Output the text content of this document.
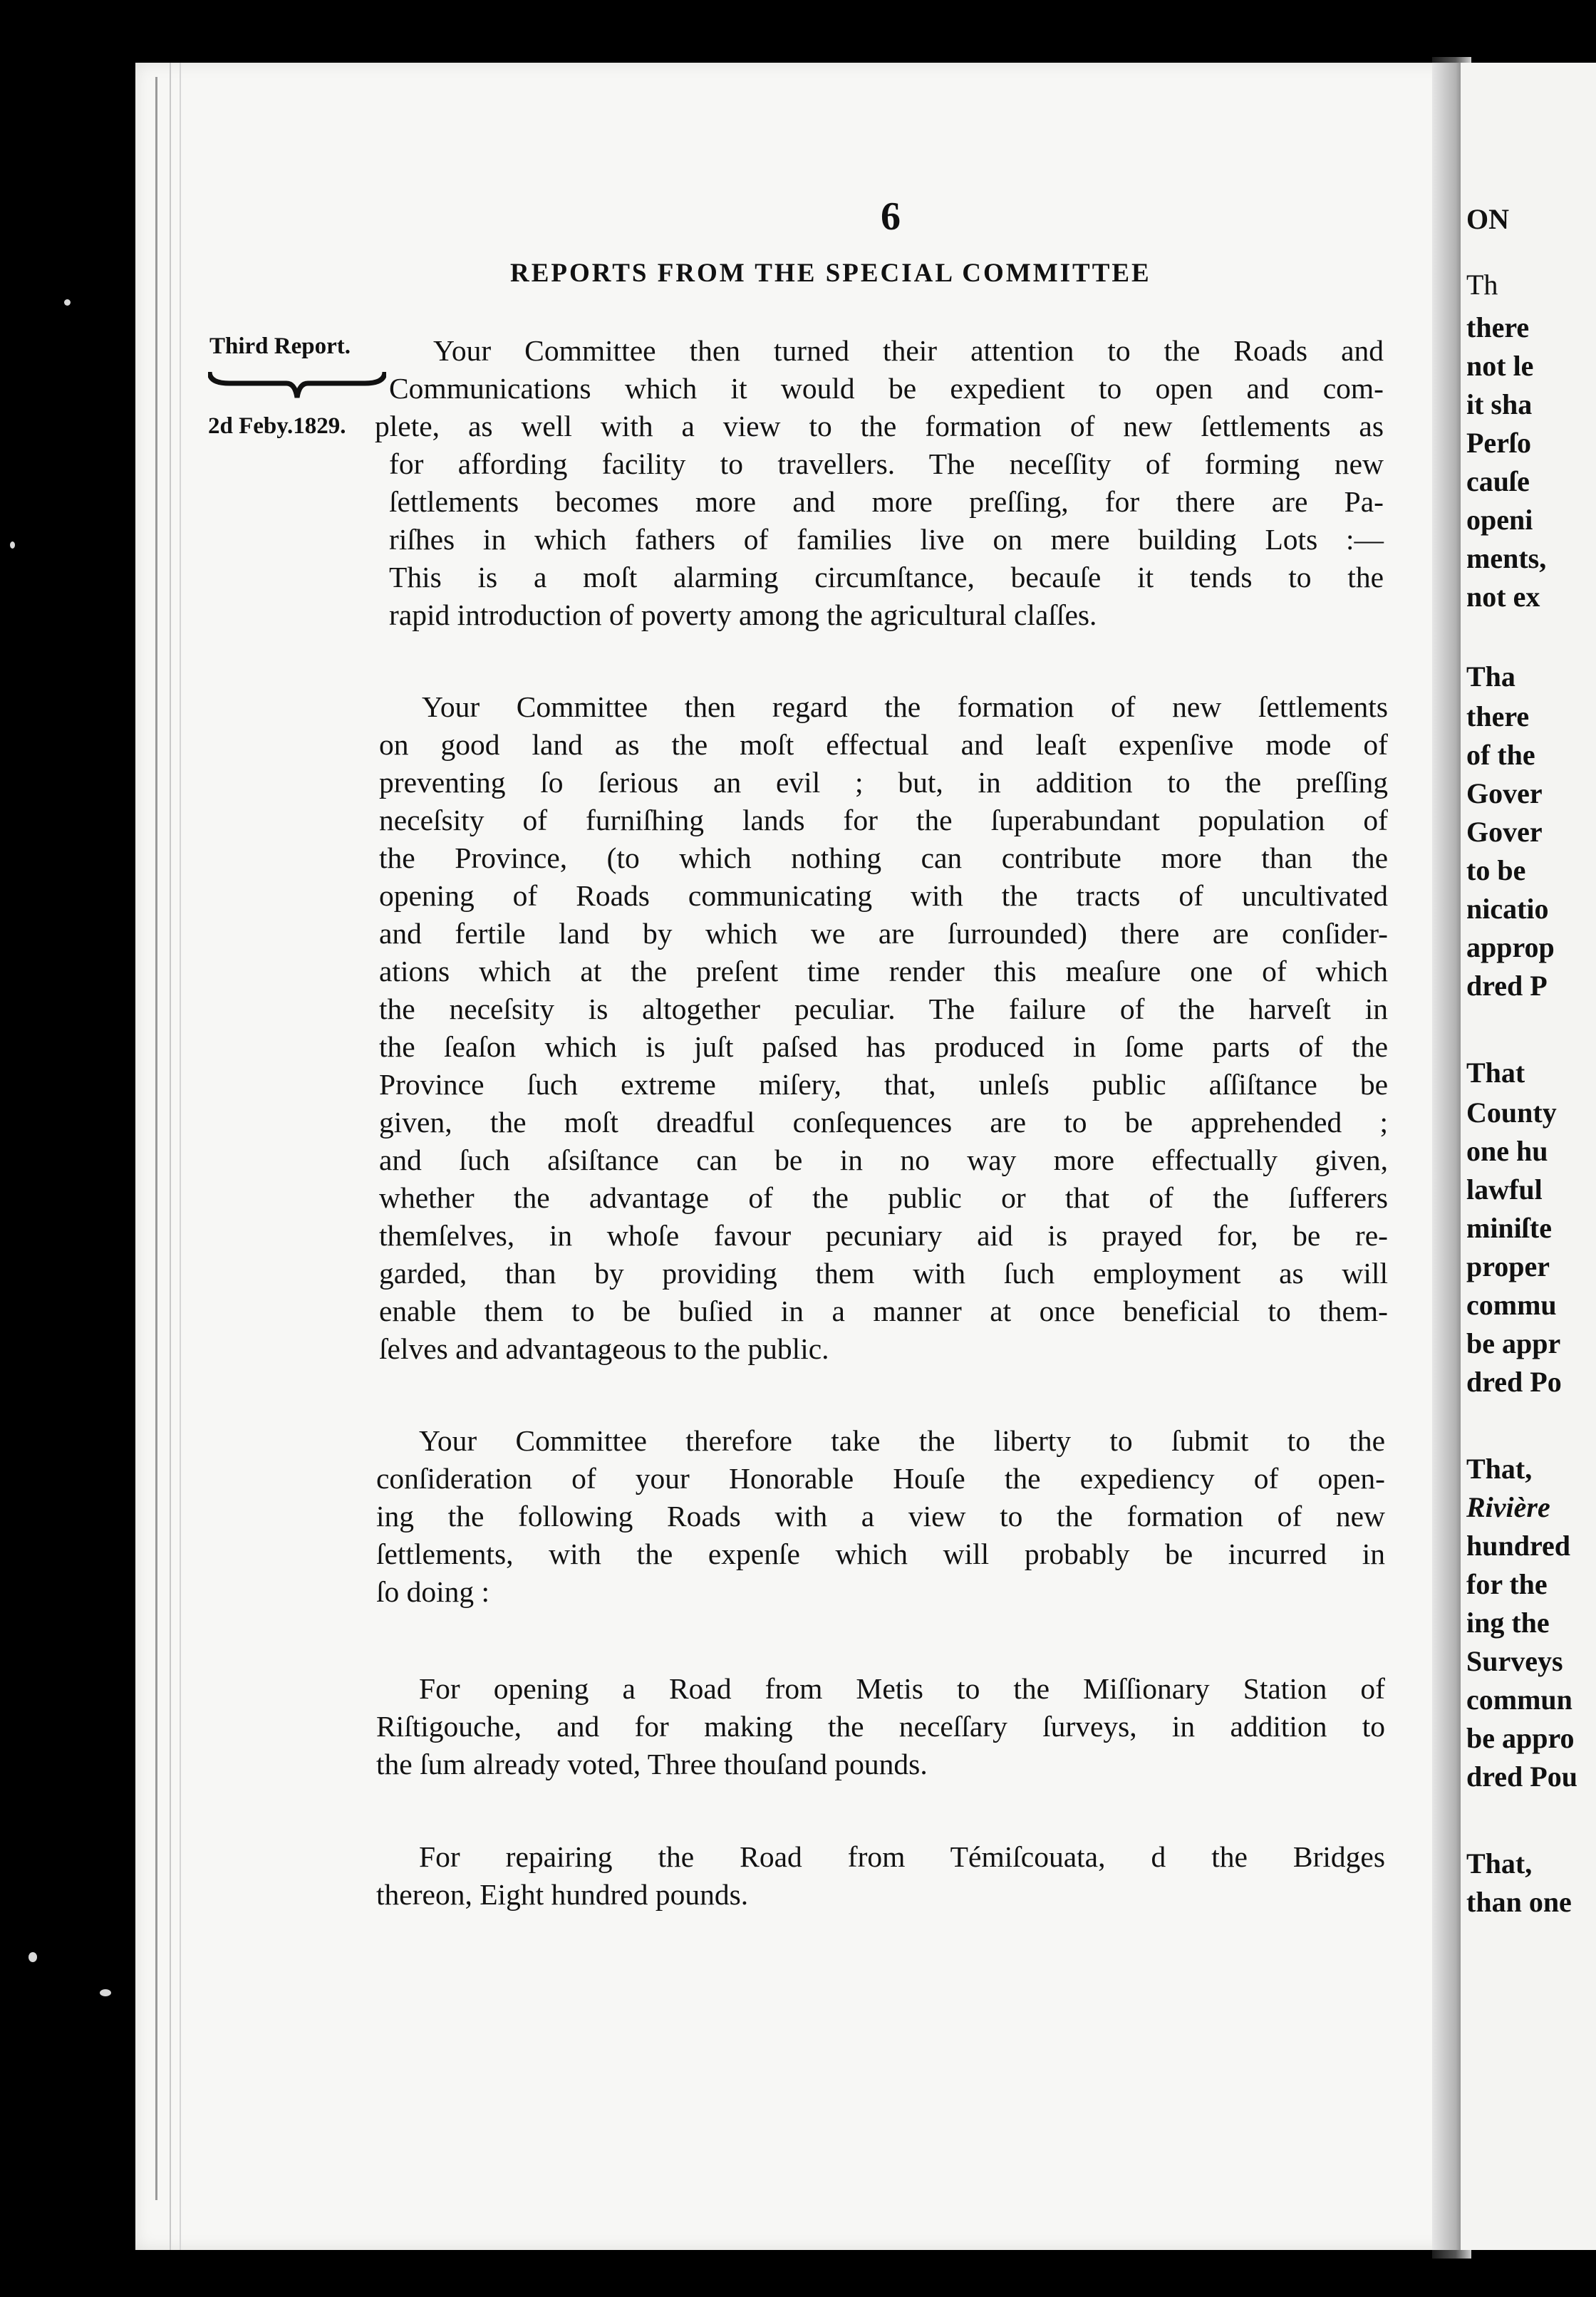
6
REPORTS FROM THE SPECIAL COMMITTEE
Third Report.
2d Feby.1829.
Your Committee then turned their attention to the Roads and
Communications which it would be expedient to open and com-
plete, as well with a view to the formation of new ſettlements as
for affording facility to travellers. The neceſſity of forming new
ſettlements becomes more and more preſſing, for there are Pa-
riſhes in which fathers of families live on mere building Lots :—
This is a moſt alarming circumſtance, becauſe it tends to the
rapid introduction of poverty among the agricultural claſſes.
Your Committee then regard the formation of new ſettlements
on good land as the moſt effectual and leaſt expenſive mode of
preventing ſo ſerious an evil ; but, in addition to the preſſing
neceſsity of furniſhing lands for the ſuperabundant population of
the Province, (to which nothing can contribute more than the
opening of Roads communicating with the tracts of uncultivated
and fertile land by which we are ſurrounded) there are conſider-
ations which at the preſent time render this meaſure one of which
the neceſsity is altogether peculiar. The failure of the harveſt in
the ſeaſon which is juſt paſsed has produced in ſome parts of the
Province ſuch extreme miſery, that, unleſs public aſſiſtance be
given, the moſt dreadful conſequences are to be apprehended ;
and ſuch aſsiſtance can be in no way more effectually given,
whether the advantage of the public or that of the ſufferers
themſelves, in whoſe favour pecuniary aid is prayed for, be re-
garded, than by providing them with ſuch employment as will
enable them to be buſied in a manner at once beneficial to them-
ſelves and advantageous to the public.
Your Committee therefore take the liberty to ſubmit to the
conſideration of your Honorable Houſe the expediency of open-
ing the following Roads with a view to the formation of new
ſettlements, with the expenſe which will probably be incurred in
ſo doing :
For opening a Road from Metis to the Miſſionary Station of
Riſtigouche, and for making the neceſſary ſurveys, in addition to
the ſum already voted, Three thouſand pounds.
For repairing the Road from Témiſcouata, d the Bridges
thereon, Eight hundred pounds.
ON
Th
there
not le
it sha
Perſo
cauſe
openi
ments,
not ex
Tha
there
of the
Gover
Gover
to be
nicatio
approp
dred P
That
County
one hu
lawful
miniſte
proper
commu
be appr
dred Po
That,
Rivière
hundred
for the
ing the
Surveys
commun
be appro
dred Pou
That,
than one
